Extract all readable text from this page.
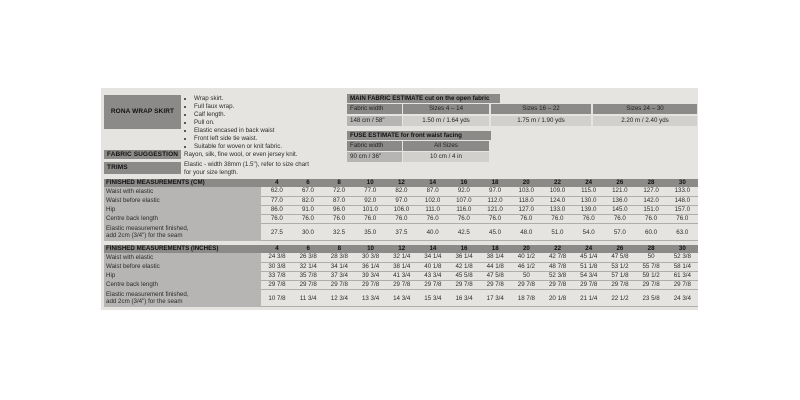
RONA WRAP SKIRT
• Wrap skirt.
• Full faux wrap.
• Calf length.
• Pull on.
• Elastic encased in back waist
• Front left side tie waist.
• Suitable for woven or knit fabric.
FABRIC SUGGESTION Rayon, silk, fine wool, or even jersey knit.
TRIMS	Elastic - width 38mm (1.5"), refer to size chart
for your size length.
MAIN FABRIC ESTIMATE cut on the open fabric
Fabric width	Sizes 4 – 14	Sizes 16 – 22	Sizes 24 – 30
148 cm / 58"	1.50 m / 1.64 yds	1.75 m / 1.90 yds	2.20 m / 2.40 yds
FUSE ESTIMATE for front waist facing
Fabric width	All Sizes
90 cm / 36"	10 cm / 4 in
FINISHED MEASUREMENTS (CM)	4	6	8	10	12	14	16	18	20	22	24	26	28	30
Waist with elastic	62.0	67.0	72.0	77.0	82.0	87.0	92.0	97.0	103.0	109.0	115.0	121.0	127.0	133.0
Waist before elastic	77.0	82.0	87.0	92.0	97.0	102.0	107.0	112.0	118.0	124.0	130.0	136.0	142.0	148.0
Hip	86.0	91.0	96.0	101.0	106.0	111.0	116.0	121.0	127.0	133.0	139.0	145.0	151.0	157.0
Centre back length	76.0	76.0	76.0	76.0	76.0	76.0	76.0	76.0	76.0	76.0	76.0	76.0	76.0	76.0

Elastic measurement finished,
add 2cm (3/4") for the seam	27.5	30.0	32.5	35.0	37.5	40.0	42.5	45.0	48.0	51.0	54.0	57.0	60.0	63.0
FINISHED MEASUREMENTS (INCHES)	4	6	8	10	12	14	16	18	20	22	24	26	28	30
Waist with elastic	24 3/8	26 3/8	28 3/8	30 3/8	32 1/4	34 1/4	36 1/4	38 1/4	40 1/2	42 7/8	45 1/4	47 5/8	50	52 3/8
Waist before elastic	30 3/8	32 1/4	34 1/4	36 1/4	38 1/4	40 1/8	42 1/8	44 1/8	46 1/2	48 7/8	51 1/8	53 1/2	55 7/8	58 1/4
Hip	33 7/8	35 7/8	37 3/4	39 3/4	41 3/4	43 3/4	45 5/8	47 5/8	50	52 3/8	54 3/4	57 1/8	59 1/2	61 3/4
Centre back length	29 7/8	29 7/8	29 7/8	29 7/8	29 7/8	29 7/8	29 7/8	29 7/8	29 7/8	29 7/8	29 7/8	29 7/8	29 7/8	29 7/8

Elastic measurement finished,
add 2cm (3/4") for the seam	10 7/8	11 3/4	12 3/4	13 3/4	14 3/4	15 3/4	16 3/4	17 3/4	18 7/8	20 1/8	21 1/4	22 1/2	23 5/8	24 3/4
